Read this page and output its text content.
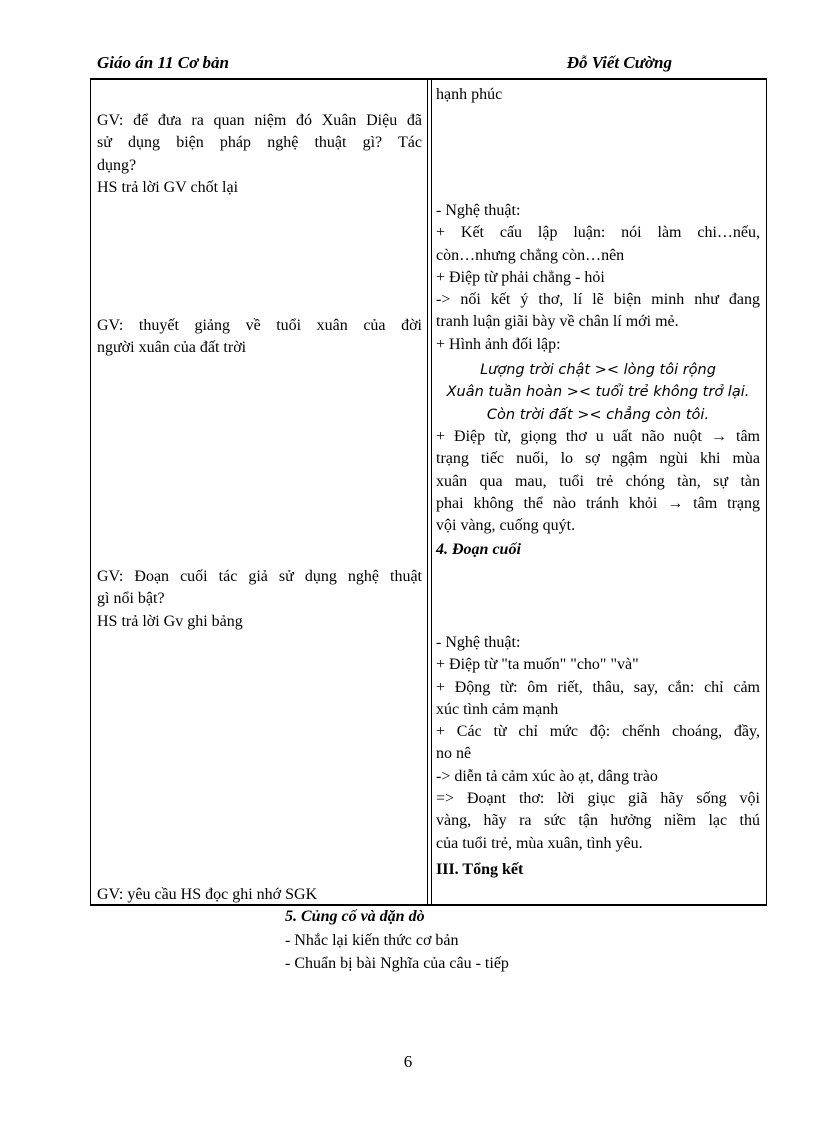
Giáo án 11 Cơ bản	Đỗ Viết Cường
GV: để đưa ra quan niệm đó Xuân Diệu đã
sử dụng biện pháp nghệ thuật gì? Tác
dụng?
HS trả lời GV chốt lại
GV: thuyết giảng về tuổi xuân của đời
người xuân của đất trời
GV: Đoạn cuối tác giả sử dụng nghệ thuật
gì nổi bật?
HS trả lời Gv ghi bảng
GV: yêu cầu HS đọc ghi nhớ SGK
hạnh phúc
- Nghệ thuật:
+ Kết cấu lập luận: nói làm chi…nếu,
còn…nhưng chẳng còn…nên
+ Điệp từ phải chẳng - hỏi
-> nối kết ý thơ, lí lẽ biện minh như đang
tranh luận giãi bày về chân lí mới mẻ.
+ Hình ảnh đối lập:
Lượng trời chật >< lòng tôi rộng
Xuân tuần hoàn >< tuổi trẻ không trở lại.
Còn trời đất >< chẳng còn tôi.
+ Điệp từ, giọng thơ u uất não nuột → tâm
trạng tiếc nuối, lo sợ ngậm ngùi khi mùa
xuân qua mau, tuổi trẻ chóng tàn, sự tàn
phai không thể nào tránh khỏi → tâm trạng
vội vàng, cuống quýt.
4. Đoạn cuối
- Nghệ thuật:
+ Điệp từ "ta muốn" "cho" "và"
+ Động từ: ôm riết, thâu, say, cắn: chỉ cảm
xúc tình cảm mạnh
+ Các từ chỉ mức độ: chếnh choáng, đầy,
no nê
-> diễn tả cảm xúc ào ạt, dâng trào
=> Đoạnt thơ: lời giục giã hãy sống vội
vàng, hãy ra sức tận hưởng niềm lạc thú
của tuổi trẻ, mùa xuân, tình yêu.
III. Tổng kết
5. Củng cố và dặn dò
- Nhắc lại kiến thức cơ bản
- Chuẩn bị bài Nghĩa của câu - tiếp
6
